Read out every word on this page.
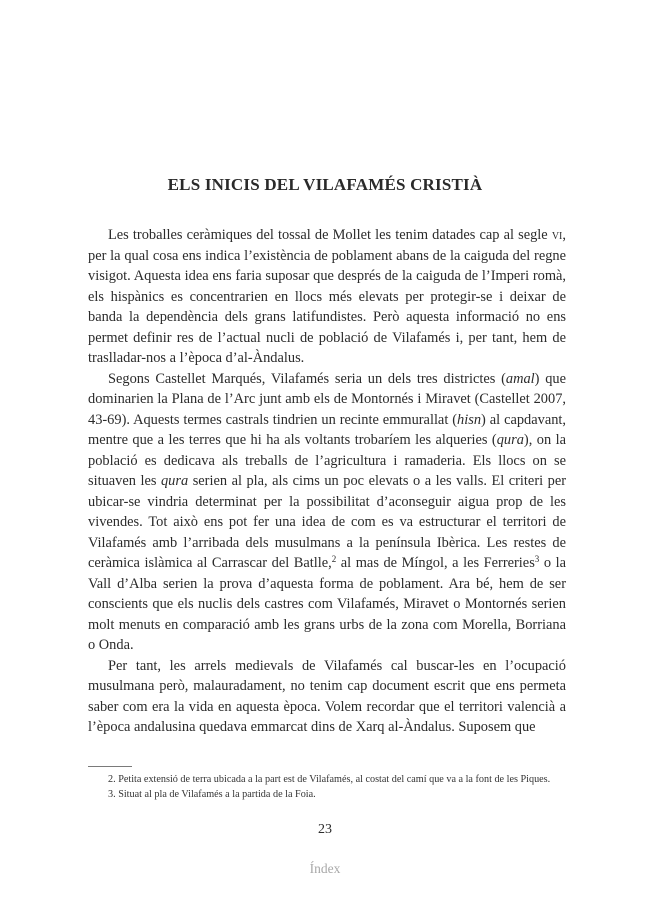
ELS INICIS DEL VILAFAMÉS CRISTIÀ

Les troballes ceràmiques del tossal de Mollet les tenim datades cap al segle vi, per la qual cosa ens indica l’existència de poblament abans de la caiguda del regne visigot. Aquesta idea ens faria suposar que després de la caiguda de l’Imperi romà, els hispànics es concentrarien en llocs més elevats per protegir-se i deixar de banda la dependència dels grans latifundistes. Però aquesta informació no ens permet definir res de l’actual nucli de població de Vilafamés i, per tant, hem de traslladar-nos a l’època d’al-Àndalus.

Segons Castellet Marqués, Vilafamés seria un dels tres districtes (amal) que dominarien la Plana de l’Arc junt amb els de Montornés i Miravet (Castellet 2007, 43-69). Aquests termes castrals tindrien un recinte emmurallat (hisn) al capdavant, mentre que a les terres que hi ha als voltants trobaríem les alqueries (qura), on la població es dedicava als treballs de l’agricultura i ramaderia. Els llocs on se situaven les qura serien al pla, als cims un poc elevats o a les valls. El criteri per ubicar-se vindria determinat per la possibilitat d’aconseguir aigua prop de les vivendes. Tot això ens pot fer una idea de com es va estructurar el territori de Vilafamés amb l’arribada dels musulmans a la península Ibèrica. Les restes de ceràmica islàmica al Carrascar del Batlle,$^2$ al mas de Míngol, a les Ferreries$^3$ o la Vall d’Alba serien la prova d’aquesta forma de poblament. Ara bé, hem de ser conscients que els nuclis dels castres com Vilafamés, Miravet o Montornés serien molt menuts en comparació amb les grans urbs de la zona com Morella, Borriana o Onda.

Per tant, les arrels medievals de Vilafamés cal buscar-les en l’ocupació musulmana però, malauradament, no tenim cap document escrit que ens permeta saber com era la vida en aquesta època. Volem recordar que el territori valencià a l’època andalusina quedava emmarcat dins de Xarq al-Àndalus. Suposem que

2. Petita extensió de terra ubicada a la part est de Vilafamés, al costat del camí que va a la font de les Piques.

3. Situat al pla de Vilafamés a la partida de la Foia.

23
Índex
